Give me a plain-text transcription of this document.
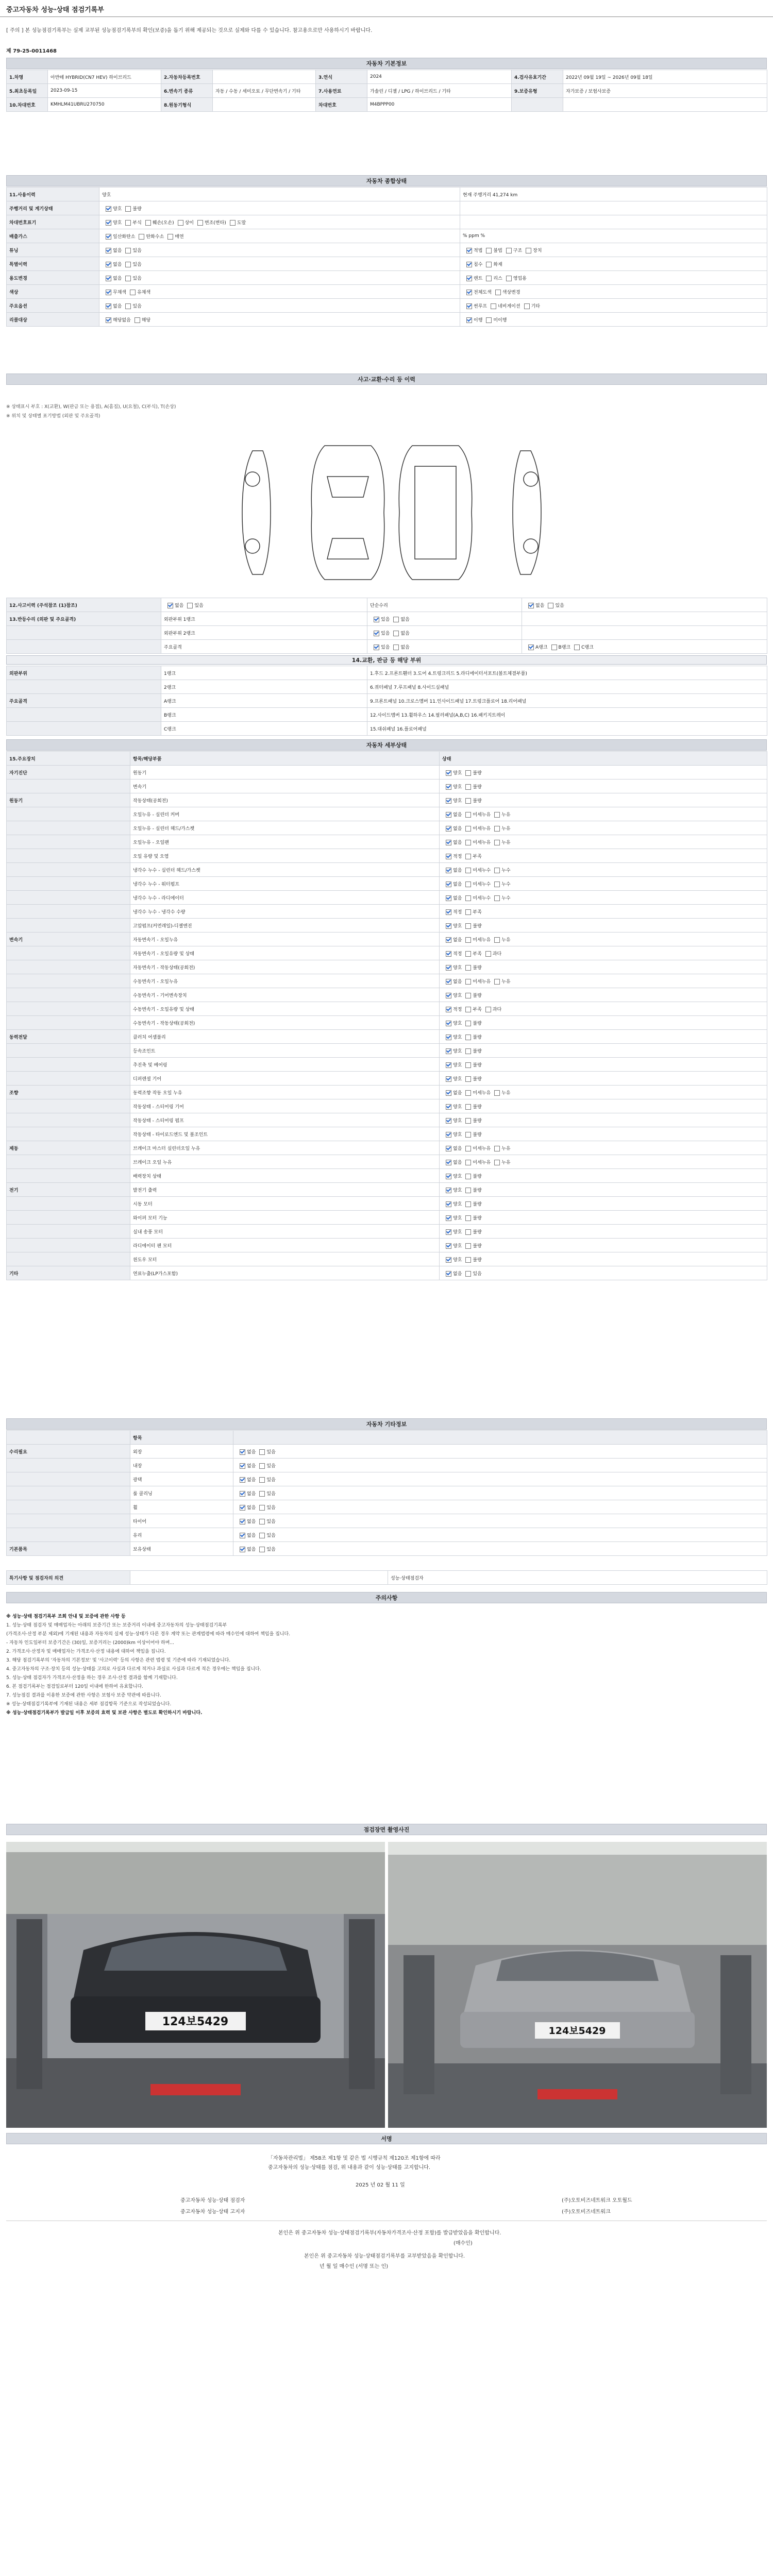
중고자동차 성능·상태 점검기록부
[ 주의 ] 본 성능점검기록부는 실제 교부된 성능점검기록부의 확인(보증)을 돕기 위해 제공되는 것으로 실제와 다를 수 있습니다. 참고용으로만 사용하시기 바랍니다.
제 79-25-0011468
자동차 기본정보
1.차명	아반떼 HYBRID(CN7 HEV) 하이브리드	2.자동차등록번호		3.연식	2024	4.검사유효기간	2022년 09월 19일 ~ 2026년 09월 18일
5.최초등록일	2023-09-15	6.변속기 종류	자동 / 수동 / 세미오토 / 무단변속기 / 기타	7.사용연료	가솔린 / 디젤 / LPG / 하이브리드 / 기타	9.보증유형	자가보증 / 보험사보증
10.차대번호	KMHLM41UBRU270750	8.원동기형식		차대번호	M4BPPP00		
자동차 종합상태
11.사용이력	양호	현재 주행거리 41,274 km
주행거리 및 계기상태	양호 불량	
차대번호표기	양호 부식 훼손(오손) 상이 변조(변타) 도말	
배출가스	일산화탄소 탄화수소 매연	% ppm %
튜닝	없음 있음	적법 불법 구조 장치
특별이력	없음 있음	침수 화재
용도변경	없음 있음	렌트 리스 영업용
색상	무채색 유채색	전체도색 색상변경
주요옵션	없음 있음	썬루프 네비게이션 기타
리콜대상	해당없음 해당	이행 미이행
사고·교환·수리 등 이력
※ 상태표시 부호 : X(교환), W(판금 또는 용접), A(흠집), U(요철), C(부식), T(손상)
※ 위치 및 상태별 표기방법 (외판 및 주요골격)
12.사고이력 (주석참조 (1)참조)	없음 있음	단순수리	없음 있음
13.반등수리 (외판 및 주요골격)	외판부위 1랭크	있음 없음	
	외판부위 2랭크	있음 없음	
	주요골격	있음 없음	A랭크 B랭크 C랭크
14.교환, 판금 등 해당 부위
외판부위	1랭크	1.후드 2.프론트휀더 3.도어 4.트렁크리드 5.라디에이터서포트(볼트체결부품)
	2랭크	6.쿼터패널 7.루프패널 8.사이드실패널
주요골격	A랭크	9.프론트패널 10.크로스멤버 11.인사이드패널 17.트렁크플로어 18.리어패널
	B랭크	12.사이드멤버 13.휠하우스 14.필러패널(A,B,C) 16.패키지트레이
	C랭크	15.대쉬패널 16.플로어패널
자동차 세부상태
15.주요장치	항목/해당부품	상태
자기진단	원동기	양호 불량
	변속기	양호 불량
원동기	작동상태(공회전)	양호 불량
	오일누유 - 실린더 커버	없음 미세누유 누유
	오일누유 - 실린더 헤드/가스켓	없음 미세누유 누유
	오일누유 - 오일팬	없음 미세누유 누유
	오일 유량 및 오염	적정 부족
	냉각수 누수 - 실린더 헤드/가스켓	없음 미세누수 누수
	냉각수 누수 - 워터펌프	없음 미세누수 누수
	냉각수 누수 - 라디에이터	없음 미세누수 누수
	냉각수 누수 - 냉각수 수량	적정 부족
	고압펌프(커먼레일)-디젤엔진	양호 불량
변속기	자동변속기 - 오일누유	없음 미세누유 누유
	자동변속기 - 오일유량 및 상태	적정 부족 과다
	자동변속기 - 작동상태(공회전)	양호 불량
	수동변속기 - 오일누유	없음 미세누유 누유
	수동변속기 - 기어변속장치	양호 불량
	수동변속기 - 오일유량 및 상태	적정 부족 과다
	수동변속기 - 작동상태(공회전)	양호 불량
동력전달	클러치 어셈블리	양호 불량
	등속조인트	양호 불량
	추진축 및 베어링	양호 불량
	디퍼렌셜 기어	양호 불량
조향	동력조향 작동 오일 누유	없음 미세누유 누유
	작동상태 - 스티어링 기어	양호 불량
	작동상태 - 스티어링 펌프	양호 불량
	작동상태 - 타이로드엔드 및 볼조인트	양호 불량
제동	브레이크 마스터 실린더오일 누유	없음 미세누유 누유
	브레이크 오일 누유	없음 미세누유 누유
	배력장치 상태	양호 불량
전기	발전기 출력	양호 불량
	시동 모터	양호 불량
	와이퍼 모터 기능	양호 불량
	실내 송풍 모터	양호 불량
	라디에이터 팬 모터	양호 불량
	윈도우 모터	양호 불량
기타	연료누출(LP가스포함)	없음 있음
자동차 기타정보
	항목	
수리필요	외장	없음 있음
	내장	없음 있음
	광택	없음 있음
	룸 클리닝	없음 있음
	휠	없음 있음
	타이어	없음 있음
	유리	없음 있음
기본품목	보유상태	없음 있음
특기사항 및 점검자의 의견		성능·상태점검자
주의사항
※ 성능·상태 점검기록부 조회 안내 및 보증에 관한 사항 등
1. 성능·상태 점검자 및 매매업자는 아래의 보증기간 또는 보증거리 이내에 중고자동차의 성능·상태점검기록부
(가격조사·산정 부분 제외)에 기재된 내용과 자동차의 실제 성능·상태가 다른 경우 계약 또는 관계법령에 따라 매수인에 대하여 책임을 집니다.
- 자동차 인도일부터 보증기간은 (30)일, 보증거리는 (2000)km 이상이어야 하며...
2. 가격조사·산정자 및 매매업자는 가격조사·산정 내용에 대하여 책임을 집니다.
3. 해당 점검기록부의 '자동차의 기본정보' 및 '사고이력' 등의 사항은 관련 법령 및 기준에 따라 기재되었습니다.
4. 중고자동차의 구조·장치 등의 성능·상태를 고의로 사실과 다르게 적거나 과실로 사실과 다르게 적은 경우에는 책임을 집니다.
5. 성능·상태 점검자가 가격조사·산정을 하는 경우 조사·산정 결과를 함께 기재합니다.
6. 본 점검기록부는 점검일로부터 120일 이내에 한하여 유효합니다.
7. 성능점검 결과를 이용한 보증에 관한 사항은 보험사 보증 약관에 따릅니다.
※ 성능·상태점검기록부에 기재된 내용은 세부 점검항목 기준으로 작성되었습니다.
※ 성능·상태점검기록부가 발급일 이후 보증의 효력 및 보관 사항은 별도로 확인하시기 바랍니다.
점검장면 촬영사진
124보5429
124보5429
서명
「자동차관리법」 제58조 제1항 및 같은 법 시행규칙 제120조 제1항에 따라
중고자동차의 성능·상태를 점검, 위 내용과 같이 성능·상태를 고지합니다.
2025 년 02 월 11 일
중고자동차 성능·상태 점검자	(주)오토비즈네트워크 오토월드
중고자동차 성능·상태 고지자	(주)오토비즈네트워크
본인은 위 중고자동차 성능·상태점검기록부(자동차가격조사·산정 포함)를 발급받았음을 확인합니다.
(매수인)
본인은 위 중고자동차 성능·상태점검기록부를 교부받았음을 확인합니다.
년 월 일 매수인 (서명 또는 인)
